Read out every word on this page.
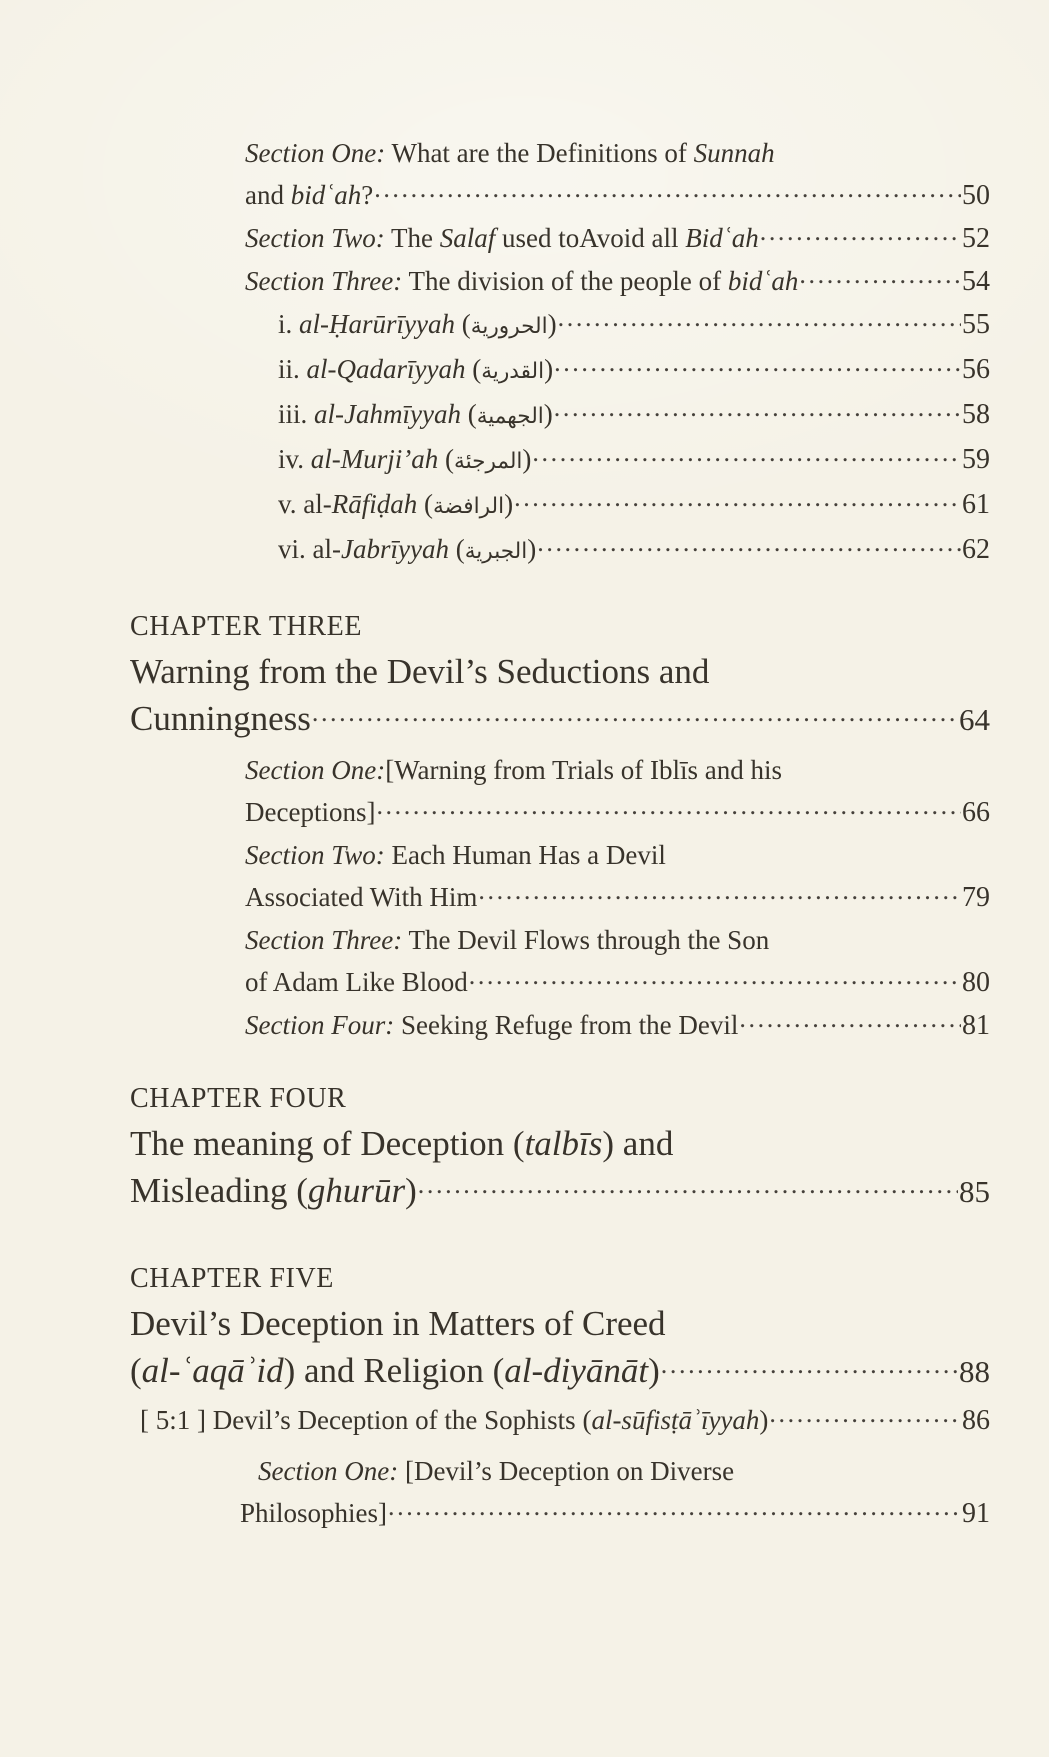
Section One: What are the Definitions of Sunnah
and bidʿah? .....	50
Section Two: The Salaf used toAvoid all Bidʿah .....	52
Section Three: The division of the people of bidʿah .....	54
i. al-Ḥarūrīyyah (الحرورية) .....	55
ii. al-Qadarīyyah (القدرية) .....	56
iii. al-Jahmīyyah (الجهمية) .....	58
iv. al-Murji’ah (المرجئة) .....	59
v. al-Rāfiḍah (الرافضة) .....	61
vi. al-Jabrīyyah (الجبرية) .....	62
CHAPTER THREE
Warning from the Devil’s Seductions and
Cunningness .....	64
Section One:[Warning from Trials of Iblīs and his
Deceptions] .....	66
Section Two: Each Human Has a Devil
Associated With Him .....	79
Section Three: The Devil Flows through the Son
of Adam Like Blood .....	80
Section Four: Seeking Refuge from the Devil .....	81
CHAPTER FOUR
The meaning of Deception (talbīs) and
Misleading (ghurūr) .....	85
CHAPTER FIVE
Devil’s Deception in Matters of Creed
(al-ʿaqāʾid) and Religion (al-diyānāt) .....	88
[ 5:1 ] Devil’s Deception of the Sophists (al-sūfisṭāʾīyyah) .....	86
Section One: [Devil’s Deception on Diverse
Philosophies] .....	91
